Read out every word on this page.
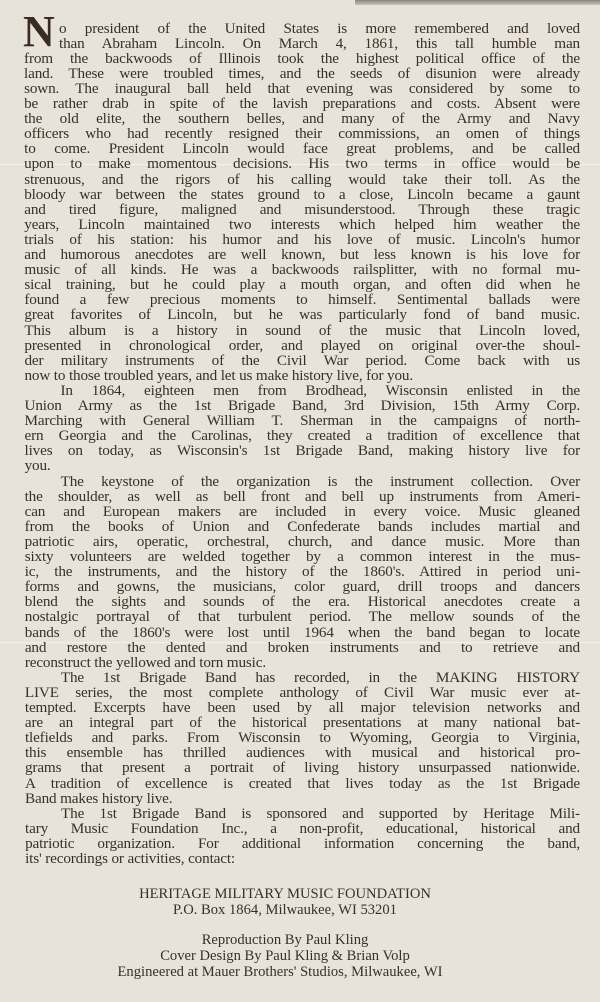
N o president of the United States is more remembered and loved
than Abraham Lincoln. On March 4, 1861, this tall humble man
from the backwoods of Illinois took the highest political office of the
land. These were troubled times, and the seeds of disunion were already
sown. The inaugural ball held that evening was considered by some to
be rather drab in spite of the lavish preparations and costs. Absent were
the old elite, the southern belles, and many of the Army and Navy
officers who had recently resigned their commissions, an omen of things
to come. President Lincoln would face great problems, and be called
upon to make momentous decisions. His two terms in office would be
strenuous, and the rigors of his calling would take their toll. As the
bloody war between the states ground to a close, Lincoln became a gaunt
and tired figure, maligned and misunderstood. Through these tragic
years, Lincoln maintained two interests which helped him weather the
trials of his station: his humor and his love of music. Lincoln's humor
and humorous anecdotes are well known, but less known is his love for
music of all kinds. He was a backwoods railsplitter, with no formal mu-
sical training, but he could play a mouth organ, and often did when he
found a few precious moments to himself. Sentimental ballads were
great favorites of Lincoln, but he was particularly fond of band music.
This album is a history in sound of the music that Lincoln loved,
presented in chronological order, and played on original over-the shoul-
der military instruments of the Civil War period. Come back with us
now to those troubled years, and let us make history live, for you.
In 1864, eighteen men from Brodhead, Wisconsin enlisted in the
Union Army as the 1st Brigade Band, 3rd Division, 15th Army Corp.
Marching with General William T. Sherman in the campaigns of north-
ern Georgia and the Carolinas, they created a tradition of excellence that
lives on today, as Wisconsin's 1st Brigade Band, making history live for
you.
The keystone of the organization is the instrument collection. Over
the shoulder, as well as bell front and bell up instruments from Ameri-
can and European makers are included in every voice. Music gleaned
from the books of Union and Confederate bands includes martial and
patriotic airs, operatic, orchestral, church, and dance music. More than
sixty volunteers are welded together by a common interest in the mus-
ic, the instruments, and the history of the 1860's. Attired in period uni-
forms and gowns, the musicians, color guard, drill troops and dancers
blend the sights and sounds of the era. Historical anecdotes create a
nostalgic portrayal of that turbulent period. The mellow sounds of the
bands of the 1860's were lost until 1964 when the band began to locate
and restore the dented and broken instruments and to retrieve and
reconstruct the yellowed and torn music.
The 1st Brigade Band has recorded, in the MAKING HISTORY
LIVE series, the most complete anthology of Civil War music ever at-
tempted. Excerpts have been used by all major television networks and
are an integral part of the historical presentations at many national bat-
tlefields and parks. From Wisconsin to Wyoming, Georgia to Virginia,
this ensemble has thrilled audiences with musical and historical pro-
grams that present a portrait of living history unsurpassed nationwide.
A tradition of excellence is created that lives today as the 1st Brigade
Band makes history live.
The 1st Brigade Band is sponsored and supported by Heritage Mili-
tary Music Foundation Inc., a non-profit, educational, historical and
patriotic organization. For additional information concerning the band,
its' recordings or activities, contact:
HERITAGE MILITARY MUSIC FOUNDATION
P.O. Box 1864, Milwaukee, WI 53201
Reproduction By Paul Kling
Cover Design By Paul Kling & Brian Volp
Engineered at Mauer Brothers' Studios, Milwaukee, WI
